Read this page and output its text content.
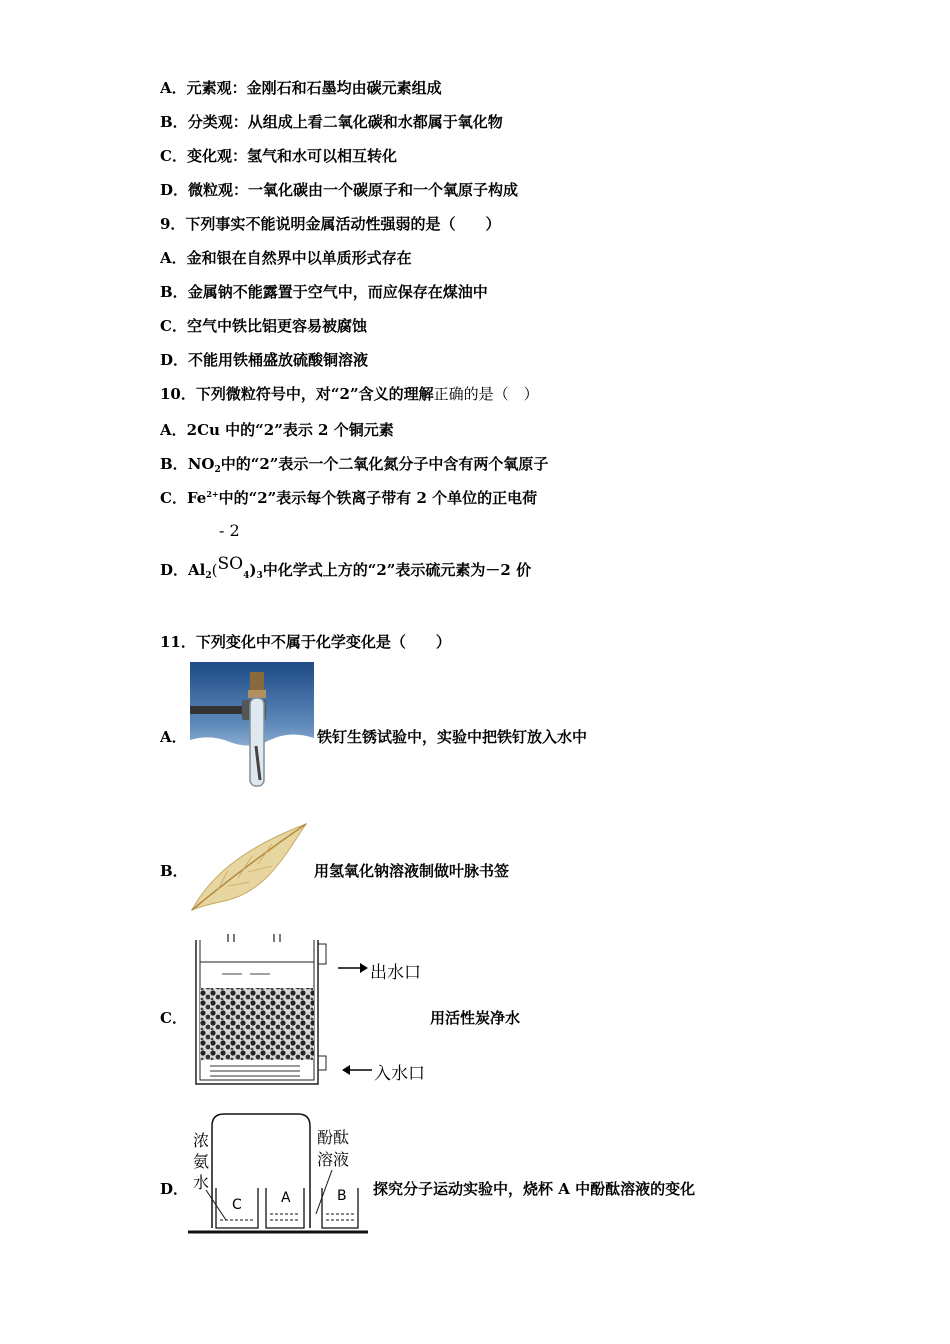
A．元素观：金刚石和石墨均由碳元素组成
B．分类观：从组成上看二氧化碳和水都属于氧化物
C．变化观：氢气和水可以相互转化
D．微粒观：一氧化碳由一个碳原子和一个氧原子构成
9．下列事实不能说明金属活动性强弱的是（　　）
A．金和银在自然界中以单质形式存在
B．金属钠不能露置于空气中，而应保存在煤油中
C．空气中铁比铝更容易被腐蚀
D．不能用铁桶盛放硫酸铜溶液
10．下列微粒符号中，对“2”含义的理解正确的是（　）
A．2Cu 中的“2”表示 2 个铜元素
B．$NO_2$中的“2”表示一个二氧化氮分子中含有两个氧原子
C．$Fe^{2+}$中的“2”表示每个铁离子带有 2 个单位的正电荷
- 2
D．$Al_2(SO_4)_3$中化学式上方的“2”表示硫元素为－2 价
11．下列变化中不属于化学变化是（　　）
A．	铁钉生锈试验中，实验中把铁钉放入水中
B．	用氢氧化钠溶液制做叶脉书签
C．
出水口
入水口
用活性炭净水
D．
浓
氨
水
酚酞
溶液
C	A	B 探究分子运动实验中，烧杯 A 中酚酞溶液的变化
